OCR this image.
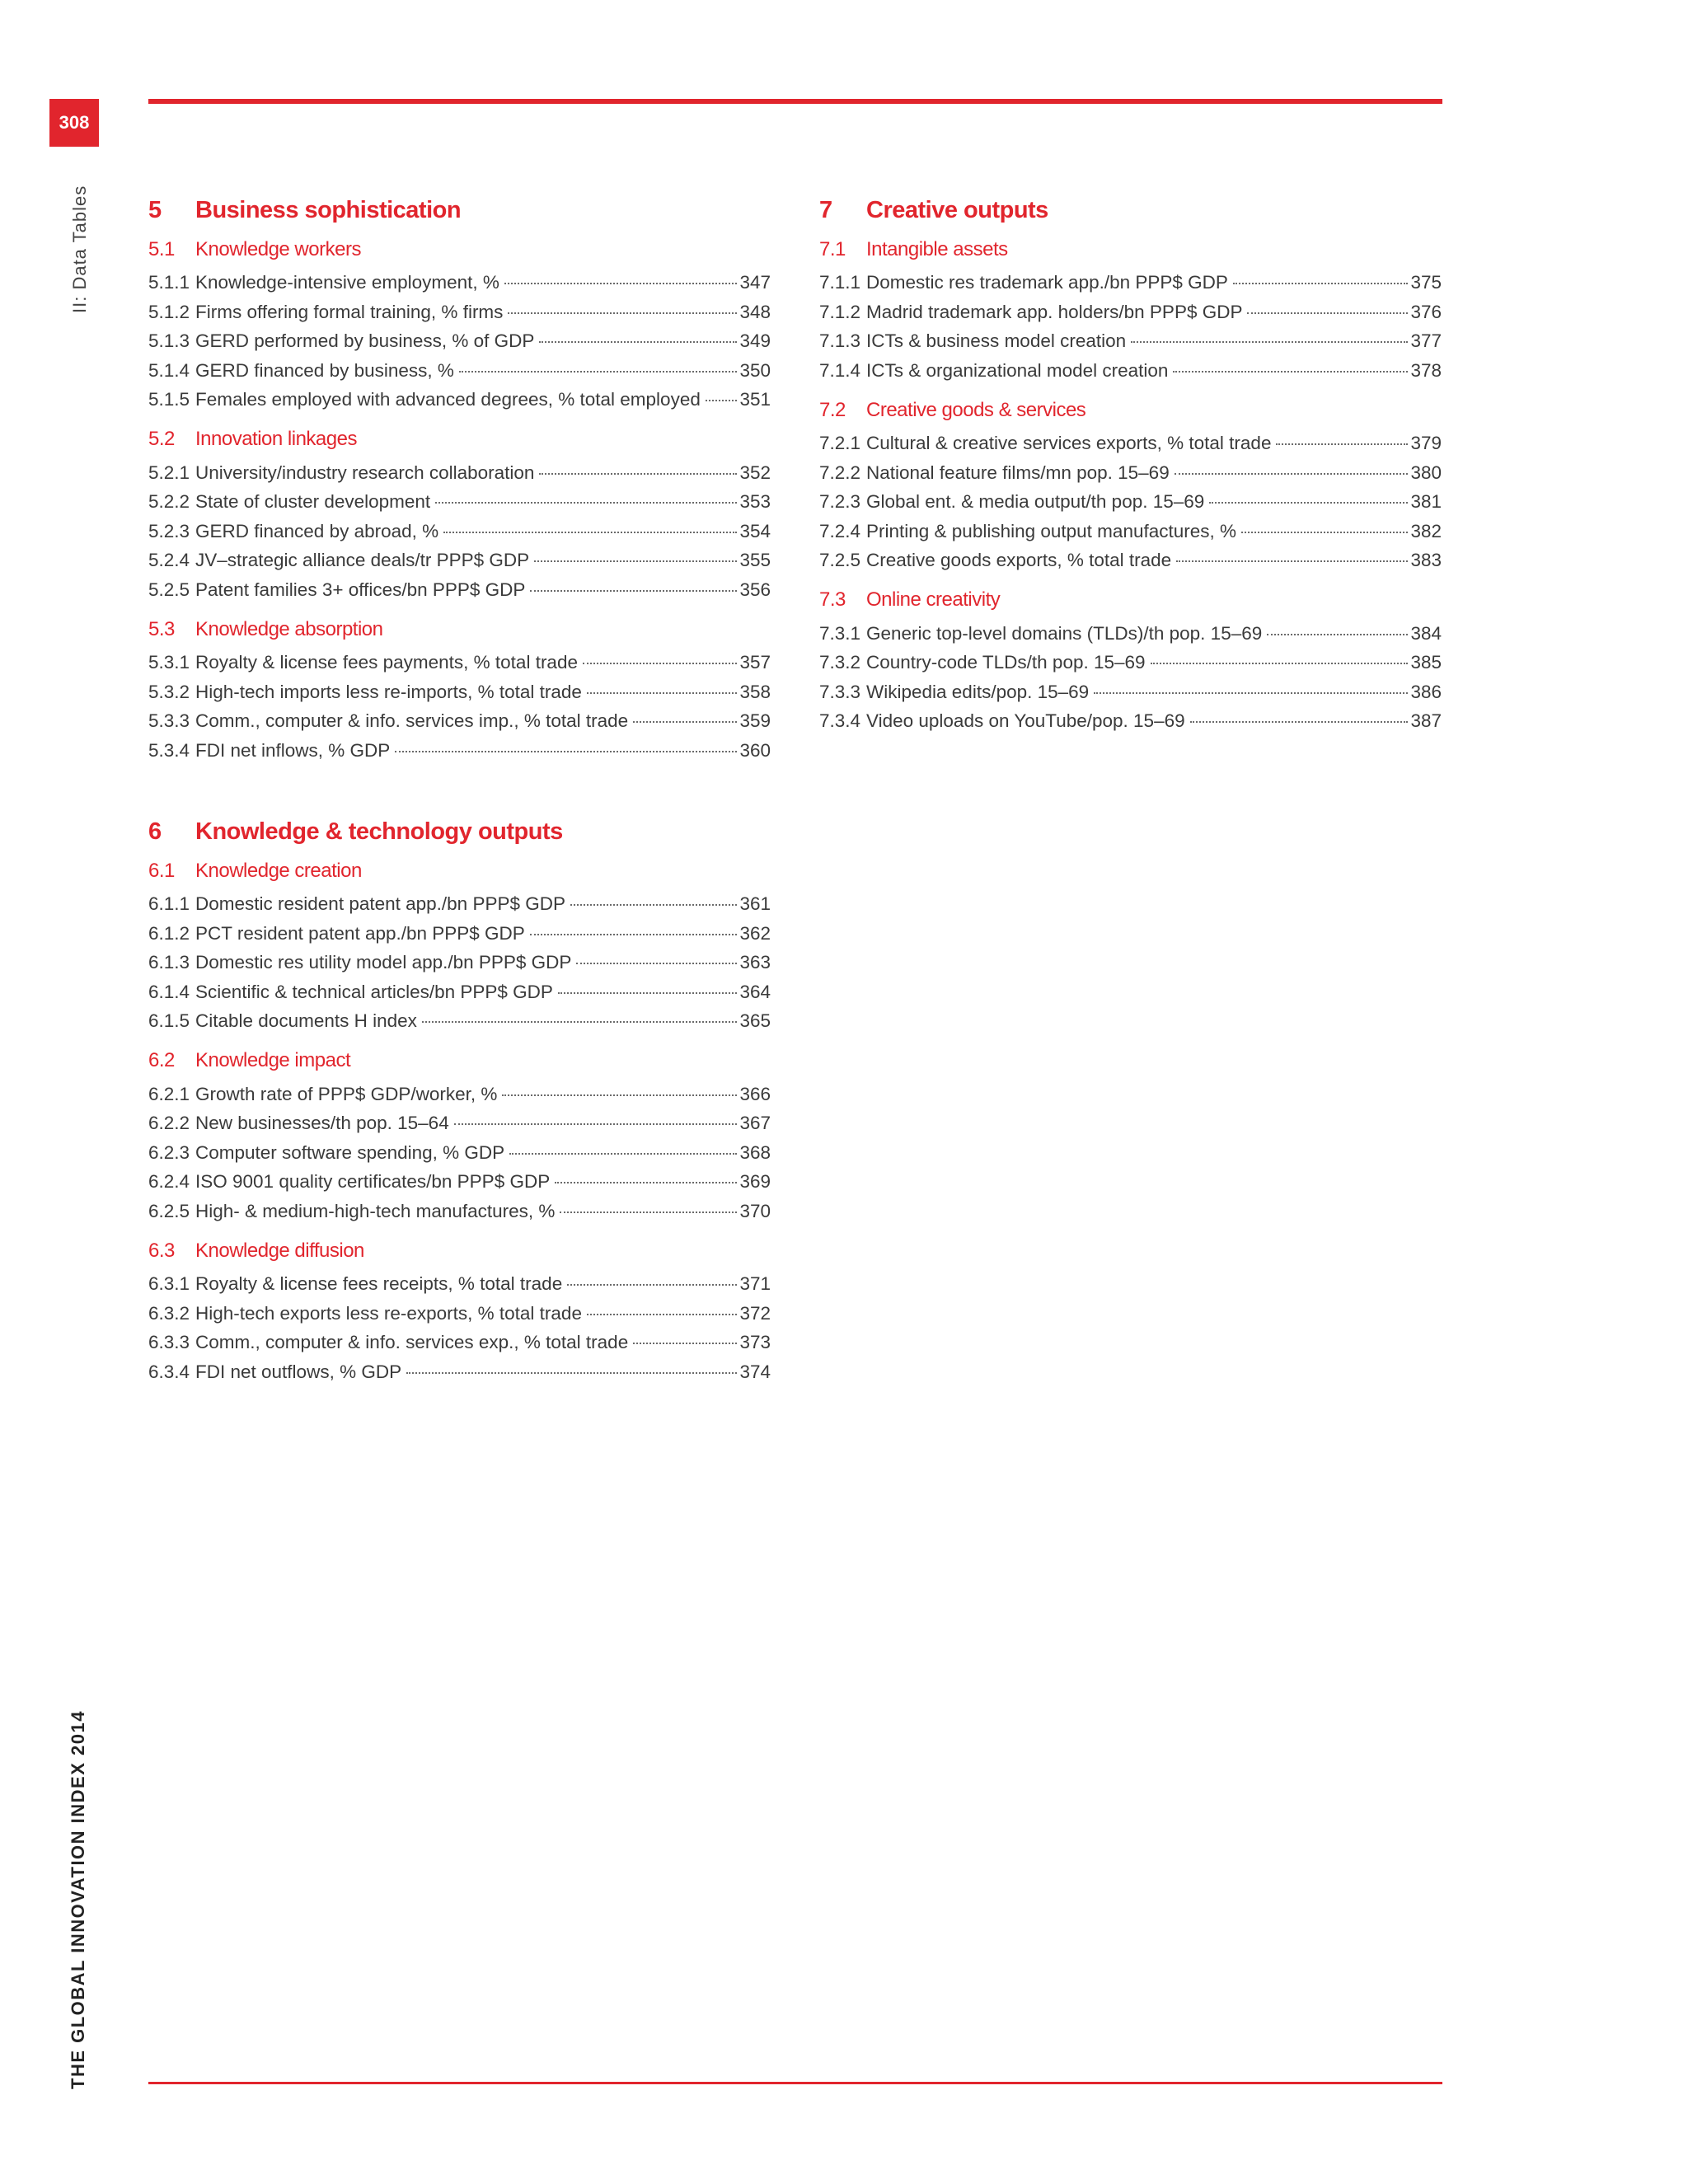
308
II: Data Tables
THE GLOBAL INNOVATION INDEX 2014
5	Business sophistication
5.1	Knowledge workers
5.1.1 Knowledge-intensive employment, %	347
5.1.2 Firms offering formal training, % firms	348
5.1.3 GERD performed by business, % of GDP	349
5.1.4 GERD financed by business, %	350
5.1.5 Females employed with advanced degrees, % total employed 351
5.2	Innovation linkages
5.2.1 University/industry research collaboration	352
5.2.2 State of cluster development	353
5.2.3 GERD financed by abroad, %	354
5.2.4 JV–strategic alliance deals/tr PPP$ GDP	355
5.2.5 Patent families 3+ offices/bn PPP$ GDP	356
5.3	Knowledge absorption
5.3.1 Royalty & license fees payments, % total trade	357
5.3.2 High-tech imports less re-imports, % total trade	358
5.3.3 Comm., computer & info. services imp., % total trade	359
5.3.4 FDI net inflows, % GDP	360
6	Knowledge & technology outputs
6.1	Knowledge creation
6.1.1 Domestic resident patent app./bn PPP$ GDP	361
6.1.2 PCT resident patent app./bn PPP$ GDP	362
6.1.3 Domestic res utility model app./bn PPP$ GDP	363
6.1.4 Scientific & technical articles/bn PPP$ GDP	364
6.1.5 Citable documents H index	365
6.2	Knowledge impact
6.2.1 Growth rate of PPP$ GDP/worker, %	366
6.2.2 New businesses/th pop. 15–64	367
6.2.3 Computer software spending, % GDP	368
6.2.4 ISO 9001 quality certificates/bn PPP$ GDP	369
6.2.5 High- & medium-high-tech manufactures, %	370
6.3	Knowledge diffusion
6.3.1 Royalty & license fees receipts, % total trade	371
6.3.2 High-tech exports less re-exports, % total trade	372
6.3.3 Comm., computer & info. services exp., % total trade	373
6.3.4 FDI net outflows, % GDP	374
7	Creative outputs
7.1	Intangible assets
7.1.1 Domestic res trademark app./bn PPP$ GDP	375
7.1.2 Madrid trademark app. holders/bn PPP$ GDP	376
7.1.3 ICTs & business model creation	377
7.1.4 ICTs & organizational model creation	378
7.2	Creative goods & services
7.2.1 Cultural & creative services exports, % total trade	379
7.2.2 National feature films/mn pop. 15–69	380
7.2.3 Global ent. & media output/th pop. 15–69	381
7.2.4 Printing & publishing output manufactures, %	382
7.2.5 Creative goods exports, % total trade	383
7.3	Online creativity
7.3.1 Generic top-level domains (TLDs)/th pop. 15–69	384
7.3.2 Country-code TLDs/th pop. 15–69	385
7.3.3 Wikipedia edits/pop. 15–69	386
7.3.4 Video uploads on YouTube/pop. 15–69	387
